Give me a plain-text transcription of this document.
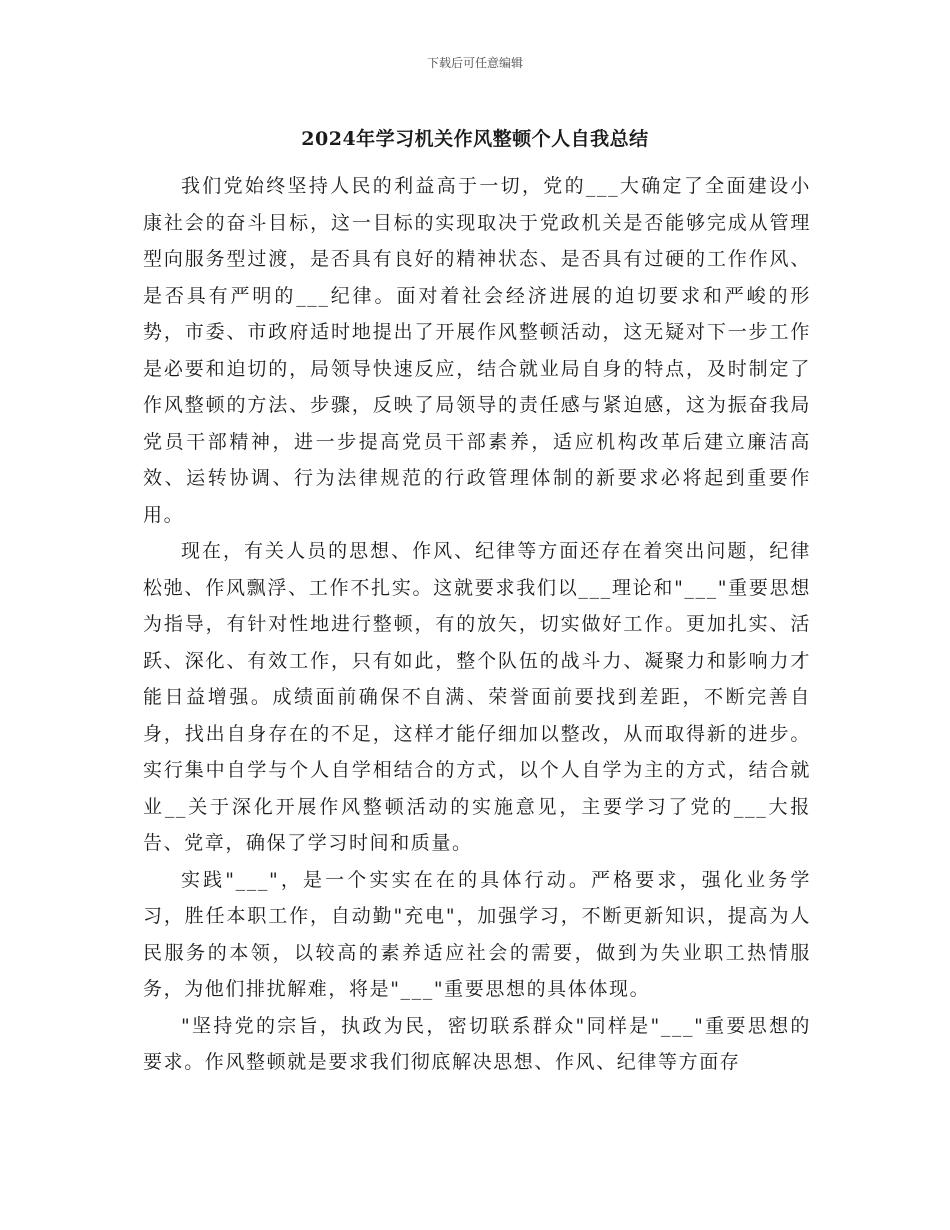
下载后可任意编辑
2024年学习机关作风整顿个人自我总结

我们党始终坚持人民的利益高于一切，党的___大确定了全面建设小康社会的奋斗目标，这一目标的实现取决于党政机关是否能够完成从管理型向服务型过渡，是否具有良好的精神状态、是否具有过硬的工作作风、是否具有严明的___纪律。面对着社会经济进展的迫切要求和严峻的形势，市委、市政府适时地提出了开展作风整顿活动，这无疑对下一步工作是必要和迫切的，局领导快速反应，结合就业局自身的特点，及时制定了作风整顿的方法、步骤，反映了局领导的责任感与紧迫感，这为振奋我局党员干部精神，进一步提高党员干部素养，适应机构改革后建立廉洁高效、运转协调、行为法律规范的行政管理体制的新要求必将起到重要作用。

现在，有关人员的思想、作风、纪律等方面还存在着突出问题，纪律松弛、作风飘浮、工作不扎实。这就要求我们以___理论和"___"重要思想为指导，有针对性地进行整顿，有的放矢，切实做好工作。更加扎实、活跃、深化、有效工作，只有如此，整个队伍的战斗力、凝聚力和影响力才能日益增强。成绩面前确保不自满、荣誉面前要找到差距，不断完善自身，找出自身存在的不足，这样才能仔细加以整改，从而取得新的进步。实行集中自学与个人自学相结合的方式，以个人自学为主的方式，结合就业__关于深化开展作风整顿活动的实施意见，主要学习了党的___大报告、党章，确保了学习时间和质量。

实践"___"，是一个实实在在的具体行动。严格要求，强化业务学习，胜任本职工作，自动勤"充电"，加强学习，不断更新知识，提高为人民服务的本领，以较高的素养适应社会的需要，做到为失业职工热情服务，为他们排扰解难，将是"___"重要思想的具体体现。

"坚持党的宗旨，执政为民，密切联系群众"同样是"___"重要思想的要求。作风整顿就是要求我们彻底解决思想、作风、纪律等方面存
